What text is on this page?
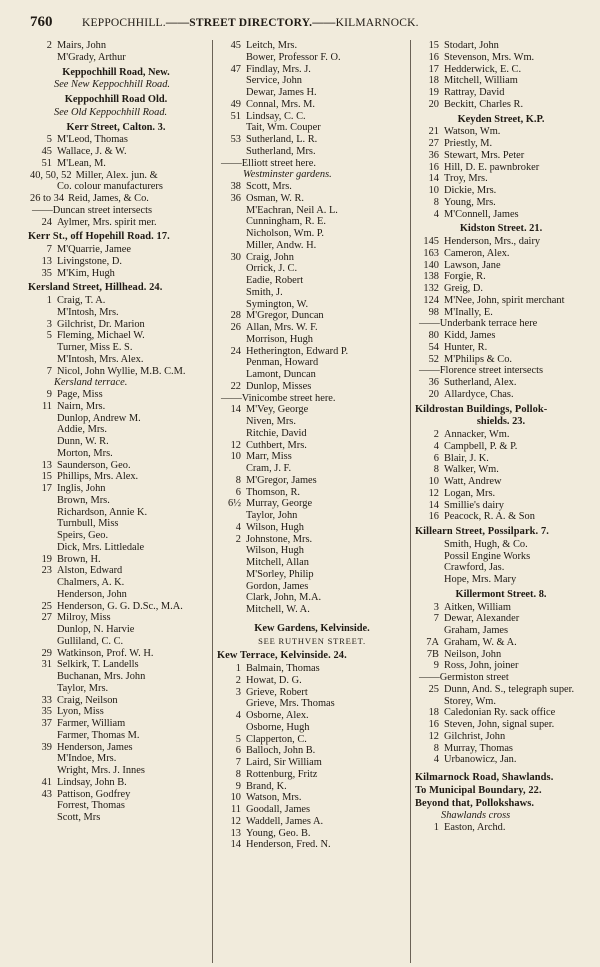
760	KEPPOCHHILL.——STREET DIRECTORY.——KILMARNOCK.
2 Mairs, John
M'Grady, Arthur
Keppochhill Road, New.
See New Keppochhill Road.
Keppochhill Road Old.
See Old Keppochhill Road.
Kerr Street, Calton. 3.
5 M'Leod, Thomas
45 Wallace, J. & W.
51 M'Lean, M.
40, 50, 52 Miller, Alex. jun. &
Co. colour manufacturers
26 to 34 Reid, James, & Co.
——Duncan street intersects
24 Aylmer, Mrs. spirit mer.
Kerr St., off Hopehill Road. 17.
7 M'Quarrie, Jamee
13 Livingstone, D.
35 M'Kim, Hugh
Kersland Street, Hillhead. 24.
1 Craig, T. A.
M'Intosh, Mrs.
3 Gilchrist, Dr. Marion
5 Fleming, Michael W.
Turner, Miss E. S.
M'Intosh, Mrs. Alex.
7 Nicol, John Wyllie, M.B. C.M.
Kersland terrace.
9 Page, Miss
11 Nairn, Mrs.
Dunlop, Andrew M.
Addie, Mrs.
Dunn, W. R.
Morton, Mrs.
13 Saunderson, Geo.
15 Phillips, Mrs. Alex.
17 Inglis, John
Brown, Mrs.
Richardson, Annie K.
Turnbull, Miss
Speirs, Geo.
Dick, Mrs. Littledale
19 Brown, H.
23 Alston, Edward
Chalmers, A. K.
Henderson, John
25 Henderson, G. G. D.Sc., M.A.
27 Milroy, Miss
Dunlop, N. Harvie
Gulliland, C. C.
29 Watkinson, Prof. W. H.
31 Selkirk, T. Landells
Buchanan, Mrs. John
Taylor, Mrs.
33 Craig, Neilson
35 Lyon, Miss
37 Farmer, William
Farmer, Thomas M.
39 Henderson, James
M'Indoe, Mrs.
Wright, Mrs. J. Innes
41 Lindsay, John B.
43 Pattison, Godfrey
Forrest, Thomas
Scott, Mrs
45 Leitch, Mrs.
Bower, Professor F. O.
47 Findlay, Mrs. J.
Service, John
Dewar, James H.
49 Connal, Mrs. M.
51 Lindsay, C. C.
Tait, Wm. Couper
53 Sutherland, L. R.
Sutherland, Mrs.
——Elliott street here.
Westminster gardens.
38 Scott, Mrs.
36 Osman, W. R.
M'Eachran, Neil A. L.
Cunningham, R. E.
Nicholson, Wm. P.
Miller, Andw. H.
30 Craig, John
Orrick, J. C.
Eadie, Robert
Smith, J.
Symington, W.
28 M'Gregor, Duncan
26 Allan, Mrs. W. F.
Morrison, Hugh
24 Hetherington, Edward P.
Penman, Howard
Lamont, Duncan
22 Dunlop, Misses
——Vinicombe street here.
14 M'Vey, George
Niven, Mrs.
Ritchie, David
12 Cuthbert, Mrs.
10 Marr, Miss
Cram, J. F.
8 M'Gregor, James
6 Thomson, R.
6½ Murray, George
Taylor, John
4 Wilson, Hugh
2 Johnstone, Mrs.
Wilson, Hugh
Mitchell, Allan
M'Sorley, Philip
Gordon, James
Clark, John, M.A.
Mitchell, W. A.
Kew Gardens, Kelvinside.
SEE RUTHVEN STREET.
Kew Terrace, Kelvinside. 24.
1 Balmain, Thomas
2 Howat, D. G.
3 Grieve, Robert
Grieve, Mrs. Thomas
4 Osborne, Alex.
Osborne, Hugh
5 Clapperton, C.
6 Balloch, John B.
7 Laird, Sir William
8 Rottenburg, Fritz
9 Brand, K.
10 Watson, Mrs.
11 Goodall, James
12 Waddell, James A.
13 Young, Geo. B.
14 Henderson, Fred. N.
15 Stodart, John
16 Stevenson, Mrs. Wm.
17 Hedderwick, E. C.
18 Mitchell, William
19 Rattray, David
20 Beckitt, Charles R.
Keyden Street, K.P.
21 Watson, Wm.
27 Priestly, M.
36 Stewart, Mrs. Peter
16 Hill, D. E. pawnbroker
14 Troy, Mrs.
10 Dickie, Mrs.
8 Young, Mrs.
4 M'Connell, James
Kidston Street. 21.
145 Henderson, Mrs., dairy
163 Cameron, Alex.
140 Lawson, Jane
138 Forgie, R.
132 Greig, D.
124 M'Nee, John, spirit merchant
98 M'Inally, E.
——Underbank terrace here
80 Kidd, James
54 Hunter, R.
52 M'Philips & Co.
——Florence street intersects
36 Sutherland, Alex.
20 Allardyce, Chas.
Kildrostan Buildings, Pollok-
shields. 23.
2 Annacker, Wm.
4 Campbell, P. & P.
6 Blair, J. K.
8 Walker, Wm.
10 Watt, Andrew
12 Logan, Mrs.
14 Smillie's dairy
16 Peacock, R. A. & Son
Killearn Street, Possilpark. 7.
Smith, Hugh, & Co.
Possil Engine Works
Crawford, Jas.
Hope, Mrs. Mary
Killermont Street. 8.
3 Aitken, William
7 Dewar, Alexander
Graham, James
7A Graham, W. & A.
7B Neilson, John
9 Ross, John, joiner
——Germiston street
25 Dunn, And. S., telegraph super.
Storey, Wm.
18 Caledonian Ry. sack office
16 Steven, John, signal super.
12 Gilchrist, John
8 Murray, Thomas
4 Urbanowicz, Jan.
Kilmarnock Road, Shawlands.
To Municipal Boundary, 22.
Beyond that, Pollokshaws.
Shawlands cross
1 Easton, Archd.
